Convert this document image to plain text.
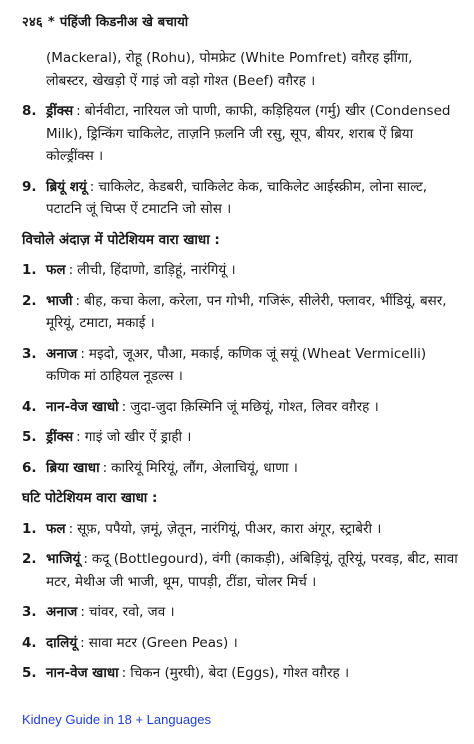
२४६ * पंहिंजी किडनीअ खे बचायो
(Mackeral), रोहू (Rohu), पोमफ्रेट (White Pomfret) वग़ैरह झींगा, लोबस्टर, खेखड़ो ऐं गाइं जो वड़ो गोश्त (Beef) वग़ैरह ।
8. ड्रींक्स : बोर्नवीटा, नारियल जो पाणी, काफी, कड़िहियल (गर्मु) खीर (Condensed Milk), ड्रिन्किंग चाकिलेट, ताज़नि फ़लनि जी रसु, सूप, बीयर, शराब ऐं ब्रिया कोल्ड्रींक्स ।
9. ब्रियूं शयूं : चाकिलेट, केडबरी, चाकिलेट केक, चाकिलेट आईस्क्रीम, लोना साल्ट, पटाटनि जूं चिप्स ऐं टमाटनि जो सोस ।
विचोले अंदाज़ में पोटेशियम वारा खाधा :
1. फल : लीची, हिंदाणो, डाड़िहूं, नारंगियूं ।
2. भाजी : बीह, कचा केला, करेला, पन गोभी, गजिरूं, सीलेरी, फ्लावर, भींडियूं, बसर, मूरियूं, टमाटा, मकाई ।
3. अनाज : मइदो, जूअर, पौआ, मकाई, कणिक जूं सयूं (Wheat Vermicelli) कणिक मां ठाहियल नूडल्स ।
4. नान-वेज खाधो : जुदा-जुदा क़िस्मिनि जूं मछियूं, गोश्त, लिवर वग़ैरह ।
5. ड्रींक्स : गाइं जो खीर ऐं ड्राही ।
6. ब्रिया खाधा : कारियूं मिरियूं, लौंग, अेलाचियूं, धाणा ।
घटि पोटेशियम वारा खाधा :
1. फल : सूफ़, पपैयो, ज़मूं, ज़ेतून, नारंगियूं, पीअर, कारा अंगूर, स्ट्राबेरी ।
2. भाजियूं : कदू (Bottlegourd), वंगी (काकड़ी), अंबिड़ियूं, तूरियूं, परवड़, बीट, सावा मटर, मेथीअ जी भाजी, थूम, पापड़ी, टींडा, चोलर मिर्च ।
3. अनाज : चांवर, रवो, जव ।
4. दालियूं : सावा मटर (Green Peas) ।
5. नान-वेज खाधा : चिकन (मुरघी), बेदा (Eggs), गोश्त वग़ैरह ।
Kidney Guide in 18 + Languages
